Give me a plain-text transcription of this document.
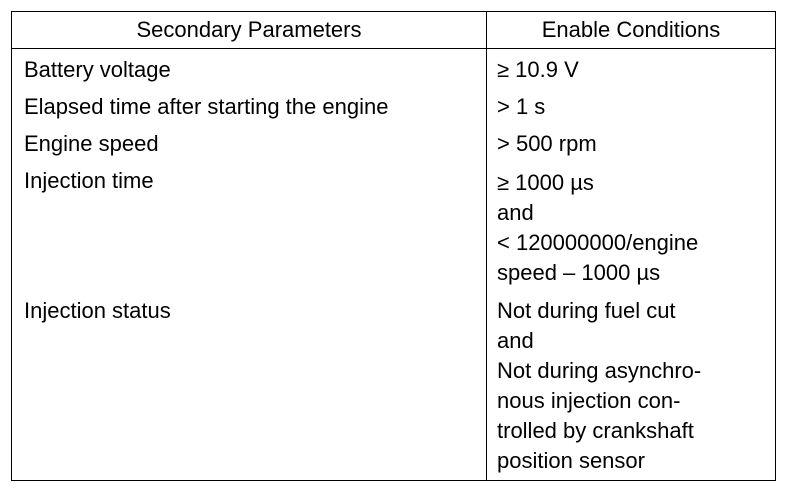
Secondary Parameters	Enable Conditions
Battery voltage	≥ 10.9 V
Elapsed time after starting the engine	> 1 s
Engine speed	> 500 rpm
Injection time	≥ 1000 µs
and
< 120000000/engine
speed – 1000 µs
Injection status	Not during fuel cut
and
Not during asynchro-
nous injection con-
trolled by crankshaft
position sensor
